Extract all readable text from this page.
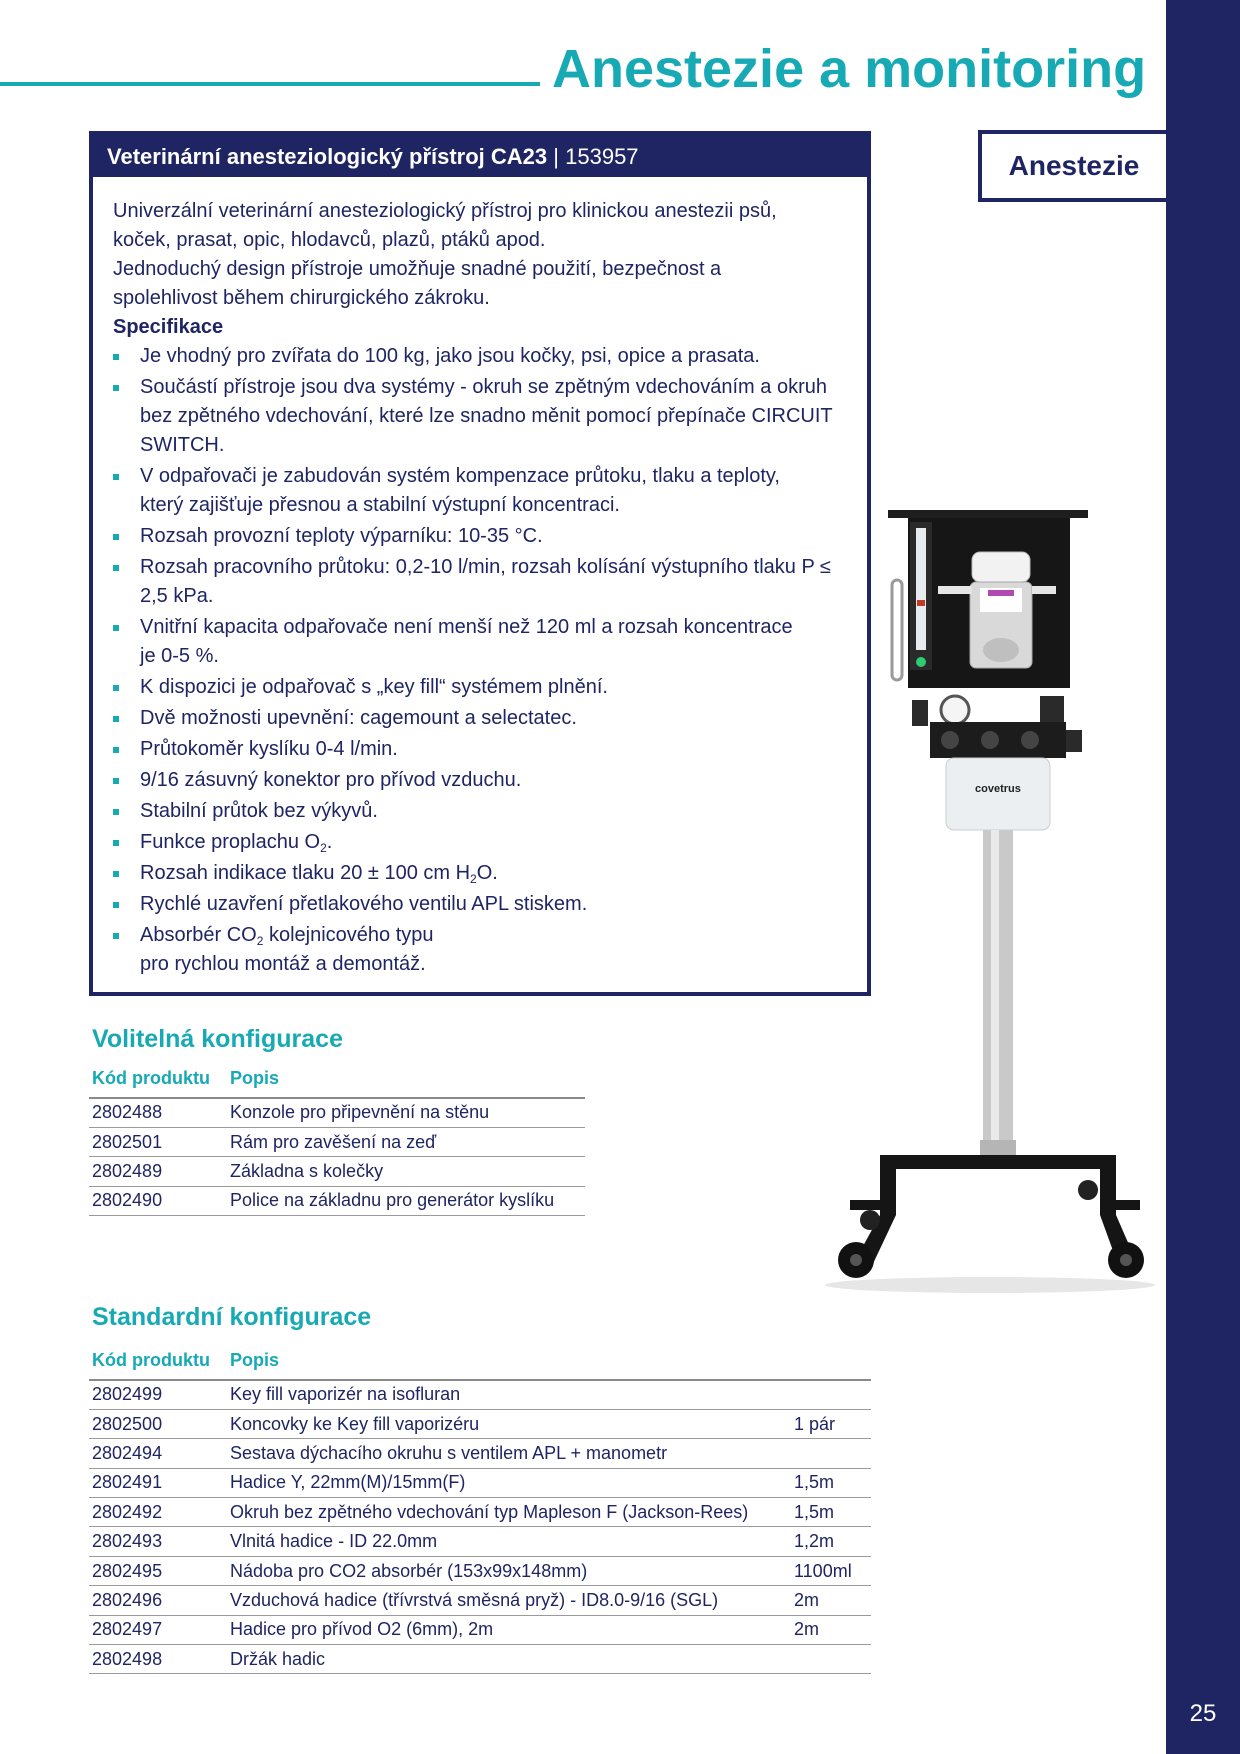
25
Anestezie a monitoring
Anestezie
Veterinární anesteziologický přístroj CA23 | 153957
Univerzální veterinární anesteziologický přístroj pro klinickou anestezii psů, koček, prasat, opic, hlodavců, plazů, ptáků apod.
Jednoduchý design přístroje umožňuje snadné použití, bezpečnost a spolehlivost během chirurgického zákroku.
Specifikace
Je vhodný pro zvířata do 100 kg, jako jsou kočky, psi, opice a prasata.
Součástí přístroje jsou dva systémy - okruh se zpětným vdechováním a okruh bez zpětného vdechování, které lze snadno měnit pomocí přepínače CIRCUIT SWITCH.
V odpařovači je zabudován systém kompenzace průtoku, tlaku a teploty, který zajišťuje přesnou a stabilní výstupní koncentraci.
Rozsah provozní teploty výparníku: 10-35 °C.
Rozsah pracovního průtoku: 0,2-10 l/min, rozsah kolísání výstupního tlaku P ≤ 2,5 kPa.
Vnitřní kapacita odpařovače není menší než 120 ml a rozsah koncentrace je 0-5 %.
K dispozici je odpařovač s „key fill“ systémem plnění.
Dvě možnosti upevnění: cagemount a selectatec.
Průtokoměr kyslíku 0-4 l/min.
9/16 zásuvný konektor pro přívod vzduchu.
Stabilní průtok bez výkyvů.
Funkce proplachu $O_2$.
Rozsah indikace tlaku 20 ± 100 cm $H_2O$.
Rychlé uzavření přetlakového ventilu APL stiskem.
Absorbér $CO_2$ kolejnicového typu
pro rychlou montáž a demontáž.
covetrus
Volitelná konfigurace
Kód produktu	Popis
2802488	Konzole pro připevnění na stěnu
2802501	Rám pro zavěšení na zeď
2802489	Základna s kolečky
2802490	Police na základnu pro generátor kyslíku
Standardní konfigurace
Kód produktu	Popis	
2802499	Key fill vaporizér na isofluran	
2802500	Koncovky ke Key fill vaporizéru	1 pár
2802494	Sestava dýchacího okruhu s ventilem APL + manometr	
2802491	Hadice Y, 22mm(M)/15mm(F)	1,5m
2802492	Okruh bez zpětného vdechování typ Mapleson F (Jackson-Rees)	1,5m
2802493	Vlnitá hadice - ID 22.0mm	1,2m
2802495	Nádoba pro CO2 absorbér (153x99x148mm)	1100ml
2802496	Vzduchová hadice (třívrstvá směsná pryž) - ID8.0-9/16 (SGL)	2m
2802497	Hadice pro přívod O2 (6mm), 2m	2m
2802498	Držák hadic	
